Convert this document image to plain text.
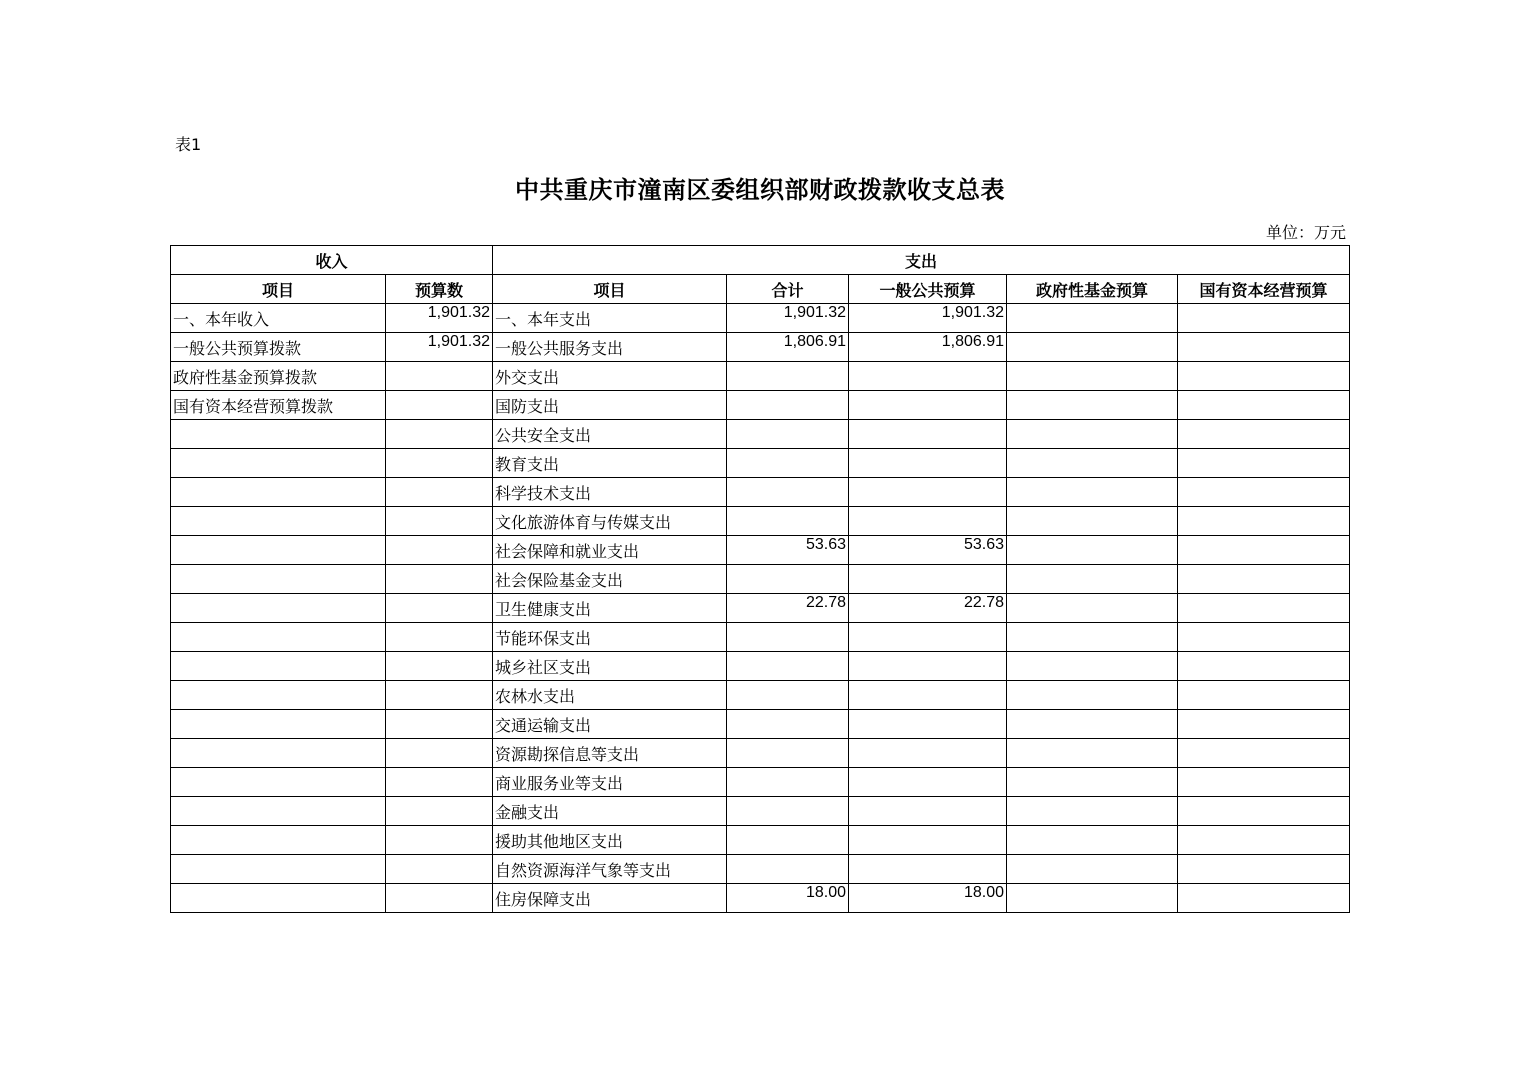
表1
中共重庆市潼南区委组织部财政拨款收支总表
单位：万元
收入		支出				
项目	预算数	项目	合计	一般公共预算	政府性基金预算	国有资本经营预算
一、本年收入	1,901.32	一、本年支出	1,901.32	1,901.32		
一般公共预算拨款	1,901.32	一般公共服务支出	1,806.91	1,806.91		
政府性基金预算拨款		外交支出				
国有资本经营预算拨款		国防支出				
		公共安全支出				
		教育支出				
		科学技术支出				
		文化旅游体育与传媒支出				
		社会保障和就业支出	53.63	53.63		
		社会保险基金支出				
		卫生健康支出	22.78	22.78		
		节能环保支出				
		城乡社区支出				
		农林水支出				
		交通运输支出				
		资源勘探信息等支出				
		商业服务业等支出				
		金融支出				
		援助其他地区支出				
		自然资源海洋气象等支出				
		住房保障支出	18.00	18.00		
